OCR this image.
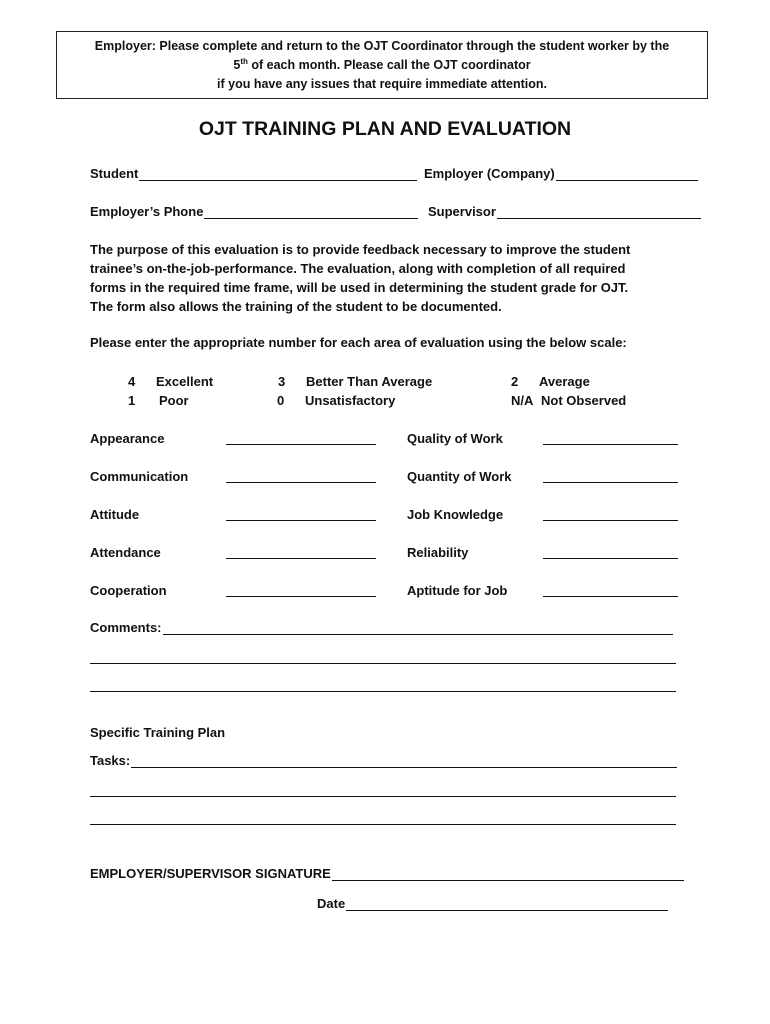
Employer: Please complete and return to the OJT Coordinator through the student worker by the
5th of each month. Please call the OJT coordinator
if you have any issues that require immediate attention.
OJT TRAINING PLAN AND EVALUATION
Student	Employer (Company)
Employer’s Phone	Supervisor
The purpose of this evaluation is to provide feedback necessary to improve the student
trainee’s on-the-job-performance. The evaluation, along with completion of all required
forms in the required time frame, will be used in determining the student grade for OJT.
The form also allows the training of the student to be documented.
Please enter the appropriate number for each area of evaluation using the below scale:
4 Excellent	3 Better Than Average	2 Average
1 Poor	0 Unsatisfactory	N/A Not Observed
Appearance	Quality of Work
Communication	Quantity of Work
Attitude	Job Knowledge
Attendance	Reliability
Cooperation	Aptitude for Job
Comments:
Specific Training Plan
Tasks:
EMPLOYER/SUPERVISOR SIGNATURE
Date
